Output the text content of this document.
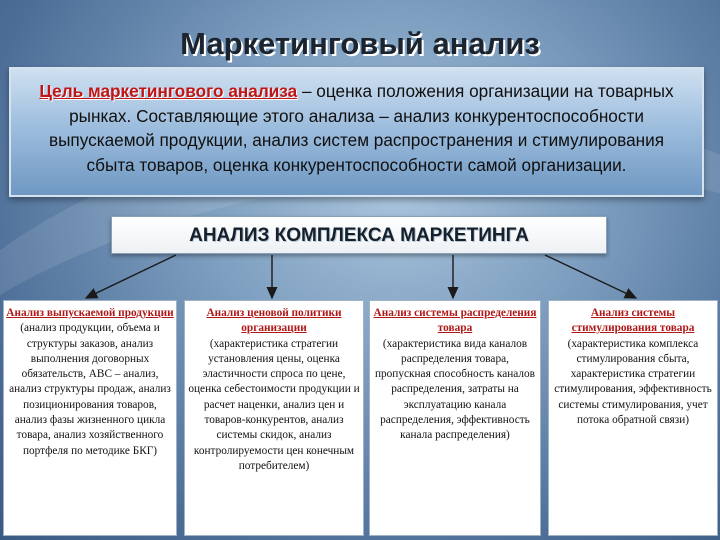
Маркетинговый анализ
Цель маркетингового анализа – оценка положения организации на товарных рынках. Составляющие этого анализа – анализ конкурентоспособности выпускаемой продукции, анализ систем распространения и стимулирования сбыта товаров, оценка конкурентоспособности самой организации.
АНАЛИЗ КОМПЛЕКСА МАРКЕТИНГА
Анализ выпускаемой продукции
(анализ продукции, объема и структуры заказов, анализ выполнения договорных обязательств, АВС – анализ, анализ структуры продаж, анализ позиционирования товаров, анализ фазы жизненного цикла товара, анализ хозяйственного портфеля по методике БКГ)
Анализ ценовой политики организации
(характеристика стратегии установления цены, оценка эластичности спроса по цене, оценка себестоимости продукции и расчет наценки, анализ цен и товаров-конкурентов, анализ системы скидок, анализ контролируемости цен конечным потребителем)
Анализ системы распределения товара
(характеристика вида каналов распределения товара, пропускная способность каналов распределения, затраты на эксплуатацию канала распределения, эффективность канала распределения)
Анализ системы стимулирования товара
(характеристика комплекса стимулирования сбыта, характеристика стратегии стимулирования, эффективность системы стимулирования, учет потока обратной связи)
